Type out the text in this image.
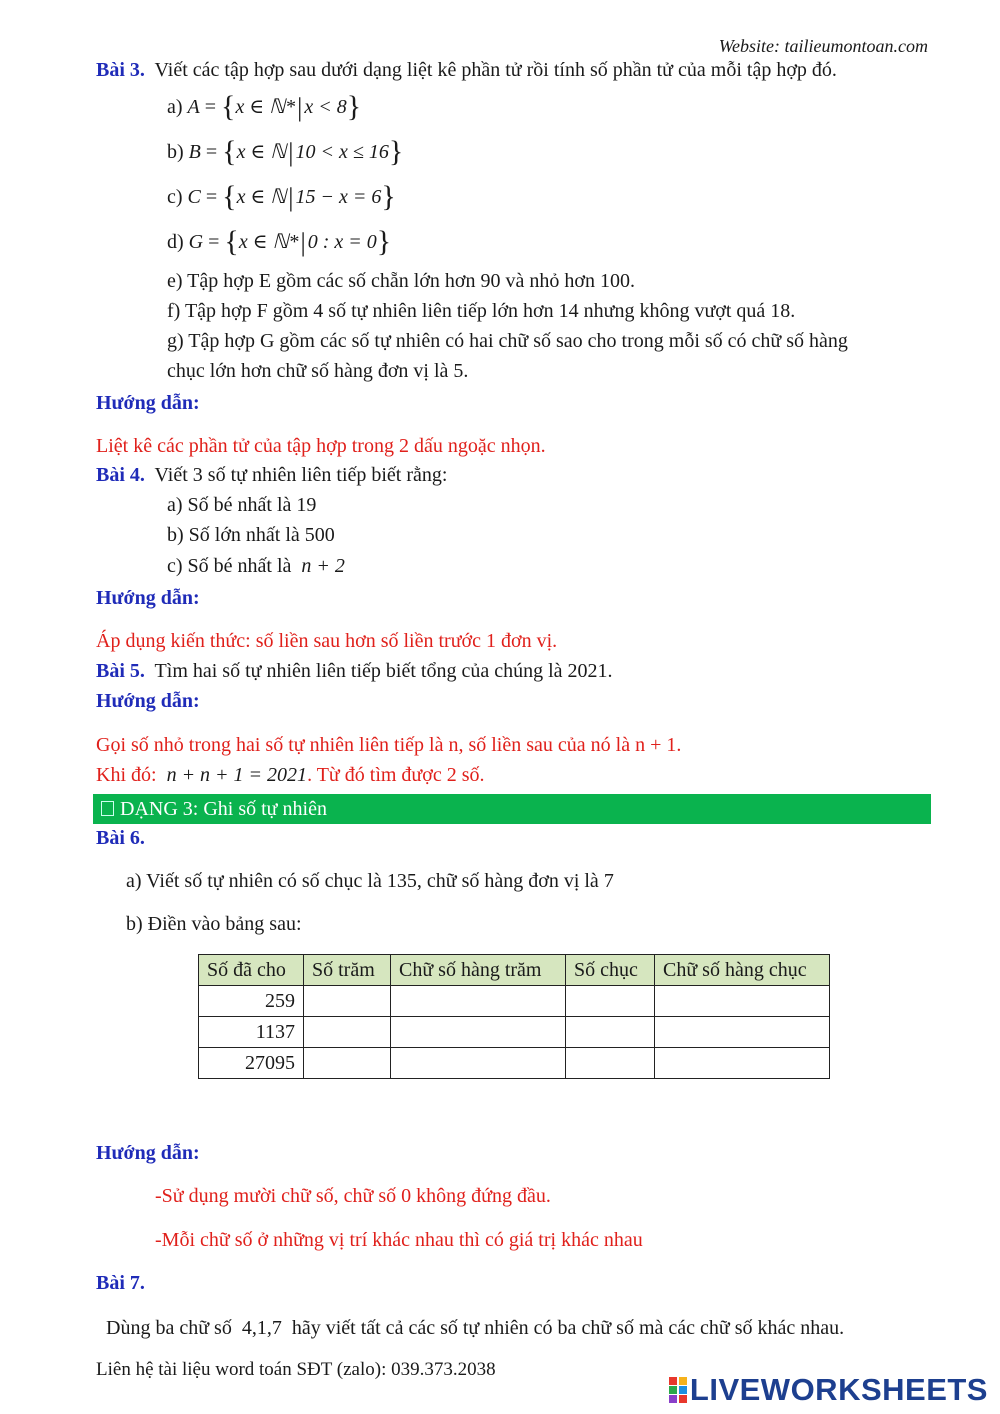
Website: tailieumontoan.com
Bài 3. Viết các tập hợp sau dưới dạng liệt kê phần tử rồi tính số phần tử của mỗi tập hợp đó.
a) A = {x ∈ ℕ*| x < 8}
b) B = {x ∈ ℕ| 10 < x ≤ 16}
c) C = {x ∈ ℕ| 15 − x = 6}
d) G = {x ∈ ℕ*| 0 : x = 0}
e) Tập hợp E gồm các số chẵn lớn hơn 90 và nhỏ hơn 100.
f) Tập hợp F gồm 4 số tự nhiên liên tiếp lớn hơn 14 nhưng không vượt quá 18.
g) Tập hợp G gồm các số tự nhiên có hai chữ số sao cho trong mỗi số có chữ số hàng
chục lớn hơn chữ số hàng đơn vị là 5.
Hướng dẫn:
Liệt kê các phần tử của tập hợp trong 2 dấu ngoặc nhọn.
Bài 4. Viết 3 số tự nhiên liên tiếp biết rằng:
a) Số bé nhất là 19
b) Số lớn nhất là 500
c) Số bé nhất là n + 2
Hướng dẫn:
Áp dụng kiến thức: số liền sau hơn số liền trước 1 đơn vị.
Bài 5. Tìm hai số tự nhiên liên tiếp biết tổng của chúng là 2021.
Hướng dẫn:
Gọi số nhỏ trong hai số tự nhiên liên tiếp là n, số liền sau của nó là n + 1.
Khi đó: n + n + 1 = 2021. Từ đó tìm được 2 số.
DẠNG 3: Ghi số tự nhiên
Bài 6.
a) Viết số tự nhiên có số chục là 135, chữ số hàng đơn vị là 7
b) Điền vào bảng sau:
Số đã cho	Số trăm	Chữ số hàng trăm	Số chục	Chữ số hàng chục
259				
1137				
27095				
Hướng dẫn:
-Sử dụng mười chữ số, chữ số 0 không đứng đầu.
-Mỗi chữ số ở những vị trí khác nhau thì có giá trị khác nhau
Bài 7.
Dùng ba chữ số 4,1,7 hãy viết tất cả các số tự nhiên có ba chữ số mà các chữ số khác nhau.
Liên hệ tài liệu word toán SĐT (zalo): 039.373.2038
LIVEWORKSHEETS
